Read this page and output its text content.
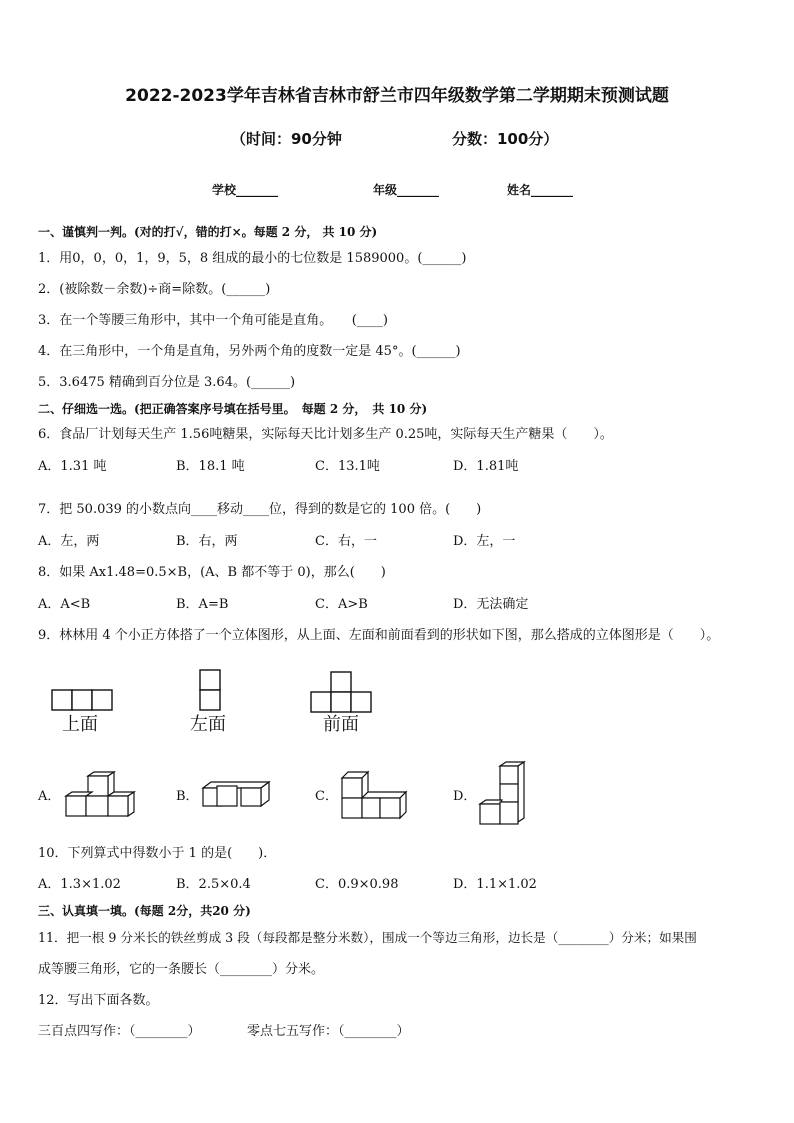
2022-2023学年吉林省吉林市舒兰市四年级数学第二学期期末预测试题
（时间：90分钟	分数：100分）
学校_______	年级_______	姓名_______
一、谨慎判一判。(对的打√，错的打×。每题 2 分， 共 10 分)
1．用0，0，0，1，9，5，8 组成的最小的七位数是 1589000。(______)
2．(被除数－余数)÷商=除数。(______)
3．在一个等腰三角形中，其中一个角可能是直角。　　(____)
4．在三角形中，一个角是直角，另外两个角的度数一定是 45°。(______)
5．3.6475 精确到百分位是 3.64。(______)
二、仔细选一选。(把正确答案序号填在括号里。　每题 2 分，　共 10 分)
6．食品厂计划每天生产 1.56吨糖果，实际每天比计划多生产 0.25吨，实际每天生产糖果（　　）。
A．1.31 吨	B．18.1 吨	C．13.1吨	D．1.81吨
7．把 50.039 的小数点向____移动____位，得到的数是它的 100 倍。(　　)
A．左，两	B．右，两	C．右，一	D．左，一
8．如果 Ax1.48=0.5×B，(A、B 都不等于 0)，那么(　　)
A．A<B	B．A=B	C．A>B	D．无法确定
9．林林用 4 个小正方体搭了一个立体图形，从上面、左面和前面看到的形状如下图，那么搭成的立体图形是（　　）。
上面	左面	前面
A．	B．	C．	D．
10．下列算式中得数小于 1 的是(　　)．
A．1.3×1.02	B．2.5×0.4	C．0.9×0.98	D．1.1×1.02
三、认真填一填。(每题 2分，共20 分)
11．把一根 9 分米长的铁丝剪成 3 段（每段都是整分米数），围成一个等边三角形，边长是（________）分米；如果围
成等腰三角形，它的一条腰长（________）分米。
12．写出下面各数。
三百点四写作：（________）	零点七五写作：（________）
